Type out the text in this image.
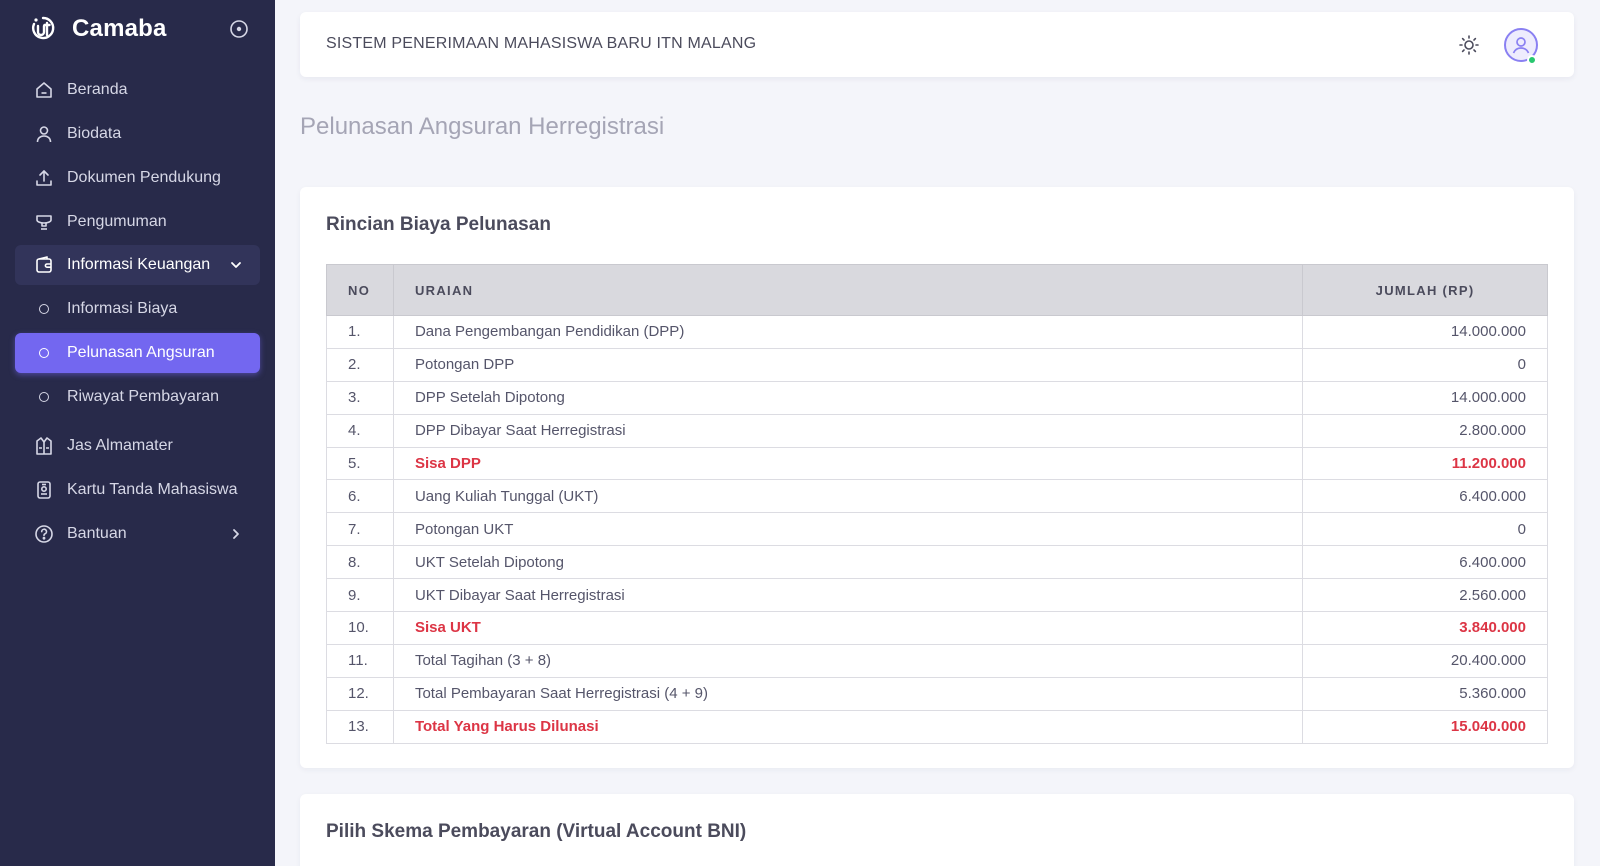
Camaba
Beranda
Biodata
Dokumen Pendukung
Pengumuman
Informasi Keuangan
Informasi Biaya
Pelunasan Angsuran
Riwayat Pembayaran
Jas Almamater
Kartu Tanda Mahasiswa
Bantuan
SISTEM PENERIMAAN MAHASISWA BARU ITN MALANG
Pelunasan Angsuran Herregistrasi
Rincian Biaya Pelunasan
NO	URAIAN	JUMLAH (RP)
1.	Dana Pengembangan Pendidikan (DPP)	14.000.000
2.	Potongan DPP	0
3.	DPP Setelah Dipotong	14.000.000
4.	DPP Dibayar Saat Herregistrasi	2.800.000
5.	Sisa DPP	11.200.000
6.	Uang Kuliah Tunggal (UKT)	6.400.000
7.	Potongan UKT	0
8.	UKT Setelah Dipotong	6.400.000
9.	UKT Dibayar Saat Herregistrasi	2.560.000
10.	Sisa UKT	3.840.000
11.	Total Tagihan (3 + 8)	20.400.000
12.	Total Pembayaran Saat Herregistrasi (4 + 9)	5.360.000
13.	Total Yang Harus Dilunasi	15.040.000
Pilih Skema Pembayaran (Virtual Account BNI)
